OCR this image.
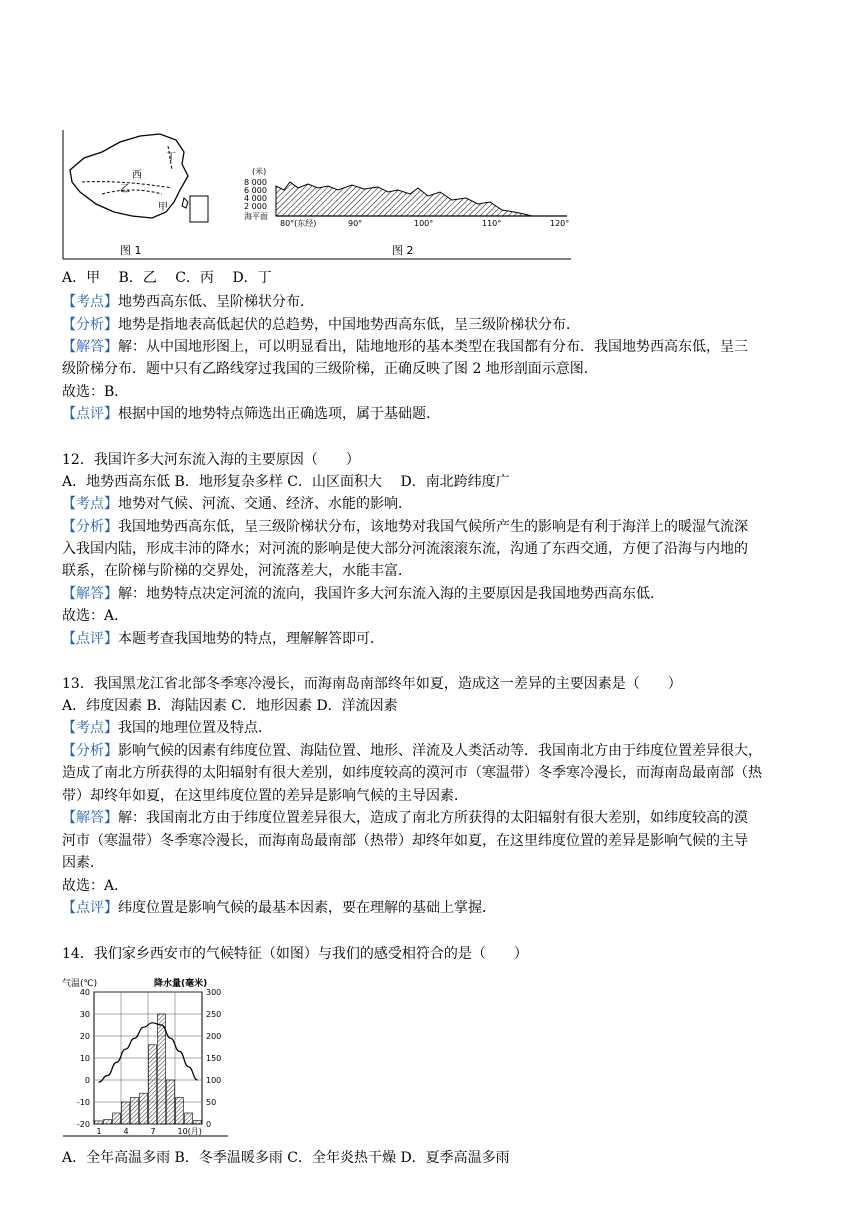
丁
西
乙
甲
图 1
(米)
8 000
6 000
4 000
2 000
海平面
80°(东经)	90°	100°	110°	120°
图 2
A．甲　 B．乙　 C．丙　 D．丁
【考点】地势西高东低、呈阶梯状分布．
【分析】地势是指地表高低起伏的总趋势，中国地势西高东低，呈三级阶梯状分布．
【解答】解：从中国地形图上，可以明显看出，陆地地形的基本类型在我国都有分布．我国地势西高东低，呈三
级阶梯分布．题中只有乙路线穿过我国的三级阶梯，正确反映了图 2 地形剖面示意图．
故选：B．
【点评】根据中国的地势特点筛选出正确选项，属于基础题．
12．我国许多大河东流入海的主要原因（　　）
A．地势西高东低 B．地形复杂多样 C．山区面积大　 D．南北跨纬度广
【考点】地势对气候、河流、交通、经济、水能的影响．
【分析】我国地势西高东低，呈三级阶梯状分布，该地势对我国气候所产生的影响是有利于海洋上的暖湿气流深
入我国内陆，形成丰沛的降水；对河流的影响是使大部分河流滚滚东流，沟通了东西交通，方便了沿海与内地的
联系，在阶梯与阶梯的交界处，河流落差大，水能丰富．
【解答】解：地势特点决定河流的流向，我国许多大河东流入海的主要原因是我国地势西高东低．
故选：A．
【点评】本题考查我国地势的特点，理解解答即可．
13．我国黑龙江省北部冬季寒冷漫长，而海南岛南部终年如夏，造成这一差异的主要因素是（　　）
A．纬度因素 B．海陆因素 C．地形因素 D．洋流因素
【考点】我国的地理位置及特点．
【分析】影响气候的因素有纬度位置、海陆位置、地形、洋流及人类活动等．我国南北方由于纬度位置差异很大，
造成了南北方所获得的太阳辐射有很大差别，如纬度较高的漠河市（寒温带）冬季寒冷漫长，而海南岛最南部（热
带）却终年如夏，在这里纬度位置的差异是影响气候的主导因素．
【解答】解：我国南北方由于纬度位置差异很大，造成了南北方所获得的太阳辐射有很大差别，如纬度较高的漠
河市（寒温带）冬季寒冷漫长，而海南岛最南部（热带）却终年如夏，在这里纬度位置的差异是影响气候的主导
因素．
故选：A．
【点评】纬度位置是影响气候的最基本因素，要在理解的基础上掌握．
14．我们家乡西安市的气候特征（如图）与我们的感受相符合的是（　　）
气温(℃)	降水量(毫米)
40
30
20
10
0
-10
-20
300
250
200
150
100
50
0
1	4	7	10(月)
A．全年高温多雨 B．冬季温暖多雨 C．全年炎热干燥 D．夏季高温多雨
